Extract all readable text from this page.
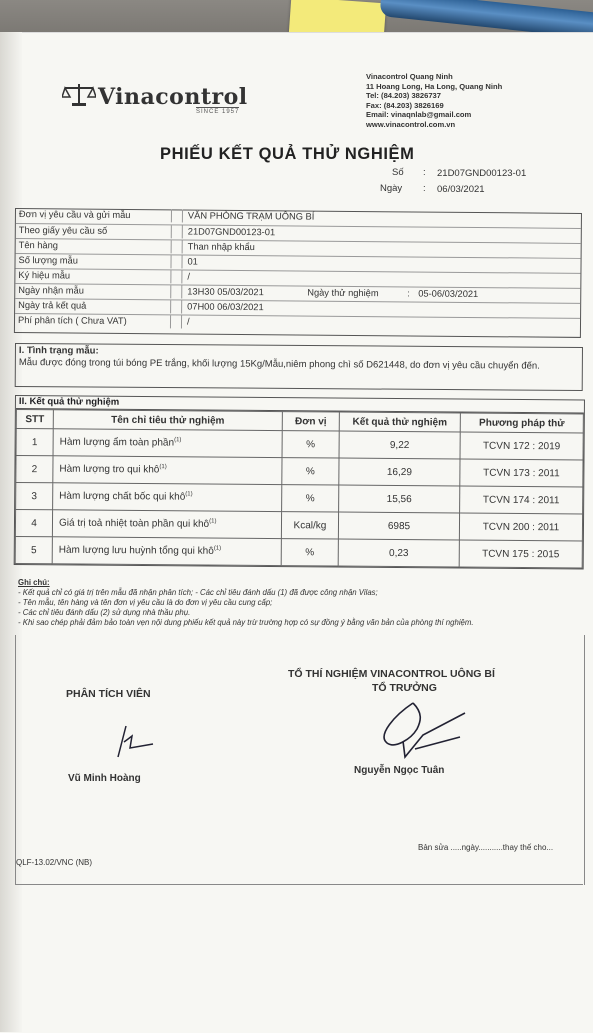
Vinacontrol
SINCE 1957
Vinacontrol Quang Ninh
11 Hoang Long, Ha Long, Quang Ninh
Tel: (84.203) 3826737
Fax: (84.203) 3826169
Email: vinaqnlab@gmail.com
www.vinacontrol.com.vn
PHIẾU KẾT QUẢ THỬ NGHIỆM
Số : 21D07GND00123-01
Ngày : 06/03/2021
Đơn vị yêu cầu và gửi mẫu	VĂN PHÒNG TRẠM UÔNG BÍ
Theo giấy yêu cầu số	21D07GND00123-01
Tên hàng	Than nhập khẩu
Số lượng mẫu	01
Ký hiệu mẫu	/
Ngày nhận mẫu	13H30 05/03/2021	Ngày thử nghiệm	: 05-06/03/2021
Ngày trả kết quả	07H00 06/03/2021
Phí phân tích ( Chưa VAT)	/
I. Tình trạng mẫu:
Mẫu được đóng trong túi bóng PE trắng, khối lượng 15Kg/Mẫu,niêm phong chì số D621448, do đơn vị yêu cầu chuyển đến.
II. Kết quả thử nghiệm
STT	Tên chỉ tiêu thử nghiệm	Đơn vị	Kết quả thử nghiệm	Phương pháp thử
1	Hàm lượng ẩm toàn phần$^{(1)}$	%	9,22	TCVN 172 : 2019
2	Hàm lượng tro qui khô$^{(1)}$	%	16,29	TCVN 173 : 2011
3	Hàm lượng chất bốc qui khô$^{(1)}$	%	15,56	TCVN 174 : 2011
4	Giá trị toả nhiệt toàn phần qui khô$^{(1)}$	Kcal/kg	6985	TCVN 200 : 2011
5	Hàm lượng lưu huỳnh tổng qui khô$^{(1)}$	%	0,23	TCVN 175 : 2015
Ghi chú:
- Kết quả chỉ có giá trị trên mẫu đã nhận phân tích; - Các chỉ tiêu đánh dấu (1) đã được công nhận Vilas;
- Tên mẫu, tên hàng và tên đơn vị yêu cầu là do đơn vị yêu cầu cung cấp;
- Các chỉ tiêu đánh dấu (2) sử dụng nhà thầu phụ.
- Khi sao chép phải đảm bảo toàn vẹn nội dung phiếu kết quả này trừ trường hợp có sự đồng ý bằng văn bản của phòng thí nghiệm.
TỔ THÍ NGHIỆM VINACONTROL UÔNG BÍ
TỔ TRƯỞNG
PHÂN TÍCH VIÊN
Vũ Minh Hoàng
Nguyễn Ngọc Tuân
QLF-13.02/VNC (NB)
Bản sửa .....ngày...........thay thế cho...
